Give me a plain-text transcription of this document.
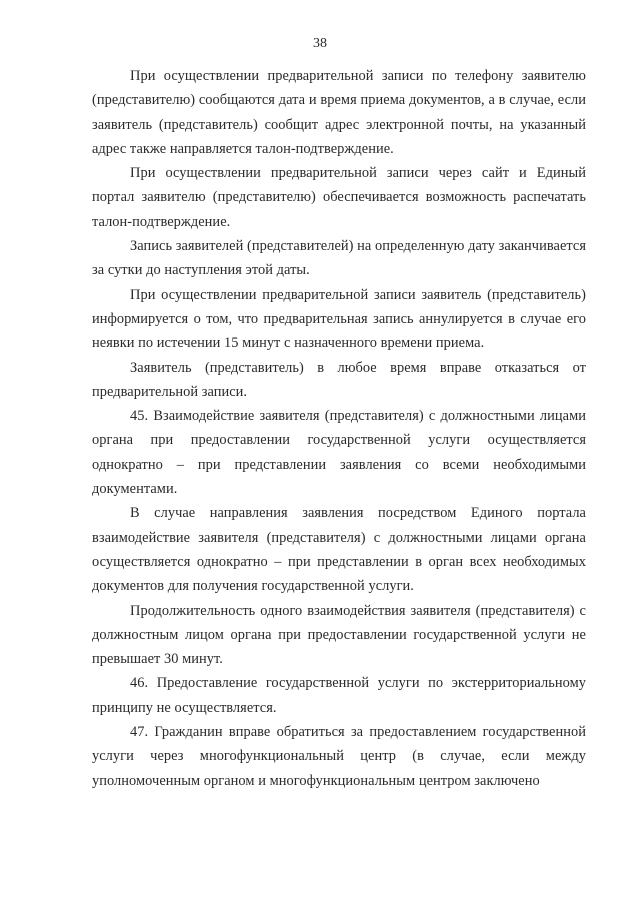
38

При осуществлении предварительной записи по телефону заявителю (представителю) сообщаются дата и время приема документов, а в случае, если заявитель (представитель) сообщит адрес электронной почты, на указанный адрес также направляется талон-подтверждение.

При осуществлении предварительной записи через сайт и Единый портал заявителю (представителю) обеспечивается возможность распечатать талон-подтверждение.

Запись заявителей (представителей) на определенную дату заканчивается за сутки до наступления этой даты.

При осуществлении предварительной записи заявитель (представитель) информируется о том, что предварительная запись аннулируется в случае его неявки по истечении 15 минут с назначенного времени приема.

Заявитель (представитель) в любое время вправе отказаться от предварительной записи.

45. Взаимодействие заявителя (представителя) с должностными лицами органа при предоставлении государственной услуги осуществляется однократно – при представлении заявления со всеми необходимыми документами.

В случае направления заявления посредством Единого портала взаимодействие заявителя (представителя) с должностными лицами органа осуществляется однократно – при представлении в орган всех необходимых документов для получения государственной услуги.

Продолжительность одного взаимодействия заявителя (представителя) с должностным лицом органа при предоставлении государственной услуги не превышает 30 минут.

46. Предоставление государственной услуги по экстерриториальному принципу не осуществляется.

47. Гражданин вправе обратиться за предоставлением государственной услуги через многофункциональный центр (в случае, если между уполномоченным органом и многофункциональным центром заключено
